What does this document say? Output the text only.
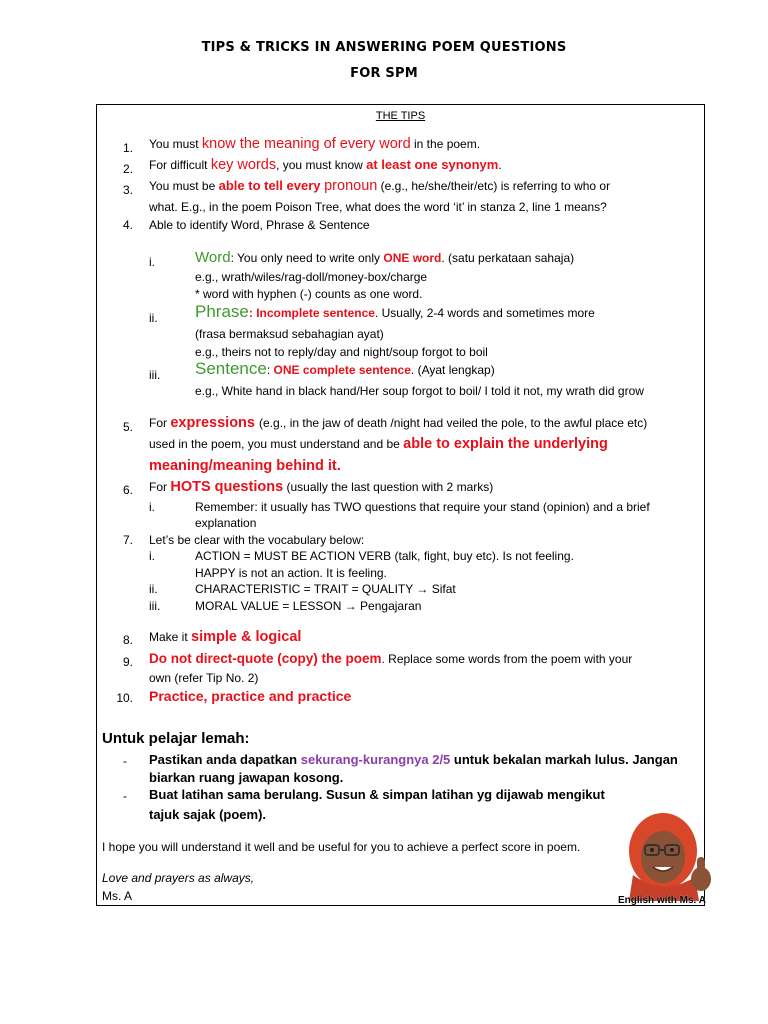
TIPS & TRICKS IN ANSWERING POEM QUESTIONS
FOR SPM
THE TIPS
1. You must know the meaning of every word in the poem.
2. For difficult key words, you must know at least one synonym.
3. You must be able to tell every pronoun (e.g., he/she/their/etc) is referring to who or
what. E.g., in the poem Poison Tree, what does the word ‘it’ in stanza 2, line 1 means?
4. Able to identify Word, Phrase & Sentence
i.	Word: You only need to write only ONE word. (satu perkataan sahaja)
e.g., wrath/wiles/rag-doll/money-box/charge
* word with hyphen (-) counts as one word.
ii. Phrase: Incomplete sentence. Usually, 2-4 words and sometimes more
(frasa bermaksud sebahagian ayat)
e.g., theirs not to reply/day and night/soup forgot to boil
iii. Sentence: ONE complete sentence. (Ayat lengkap)
e.g., White hand in black hand/Her soup forgot to boil/ I told it not, my wrath did grow
5. For expressions (e.g., in the jaw of death /night had veiled the pole, to the awful place etc)
used in the poem, you must understand and be able to explain the underlying
meaning/meaning behind it.
6. For HOTS questions (usually the last question with 2 marks)
i.	Remember: it usually has TWO questions that require your stand (opinion) and a brief
explanation
7. Let’s be clear with the vocabulary below:
i.	ACTION = MUST BE ACTION VERB (talk, fight, buy etc). Is not feeling.
HAPPY is not an action. It is feeling.
ii.	CHARACTERISTIC = TRAIT = QUALITY → Sifat
iii.	MORAL VALUE = LESSON → Pengajaran
8. Make it simple & logical
9. Do not direct-quote (copy) the poem. Replace some words from the poem with your
own (refer Tip No. 2)
10. Practice, practice and practice
Untuk pelajar lemah:
- Pastikan anda dapatkan sekurang-kurangnya 2/5 untuk bekalan markah lulus. Jangan
biarkan ruang jawapan kosong.
- Buat latihan sama berulang. Susun & simpan latihan yg dijawab mengikut
tajuk sajak (poem).
I hope you will understand it well and be useful for you to achieve a perfect score in poem.
Love and prayers as always,
Ms. A	English with Ms. A
